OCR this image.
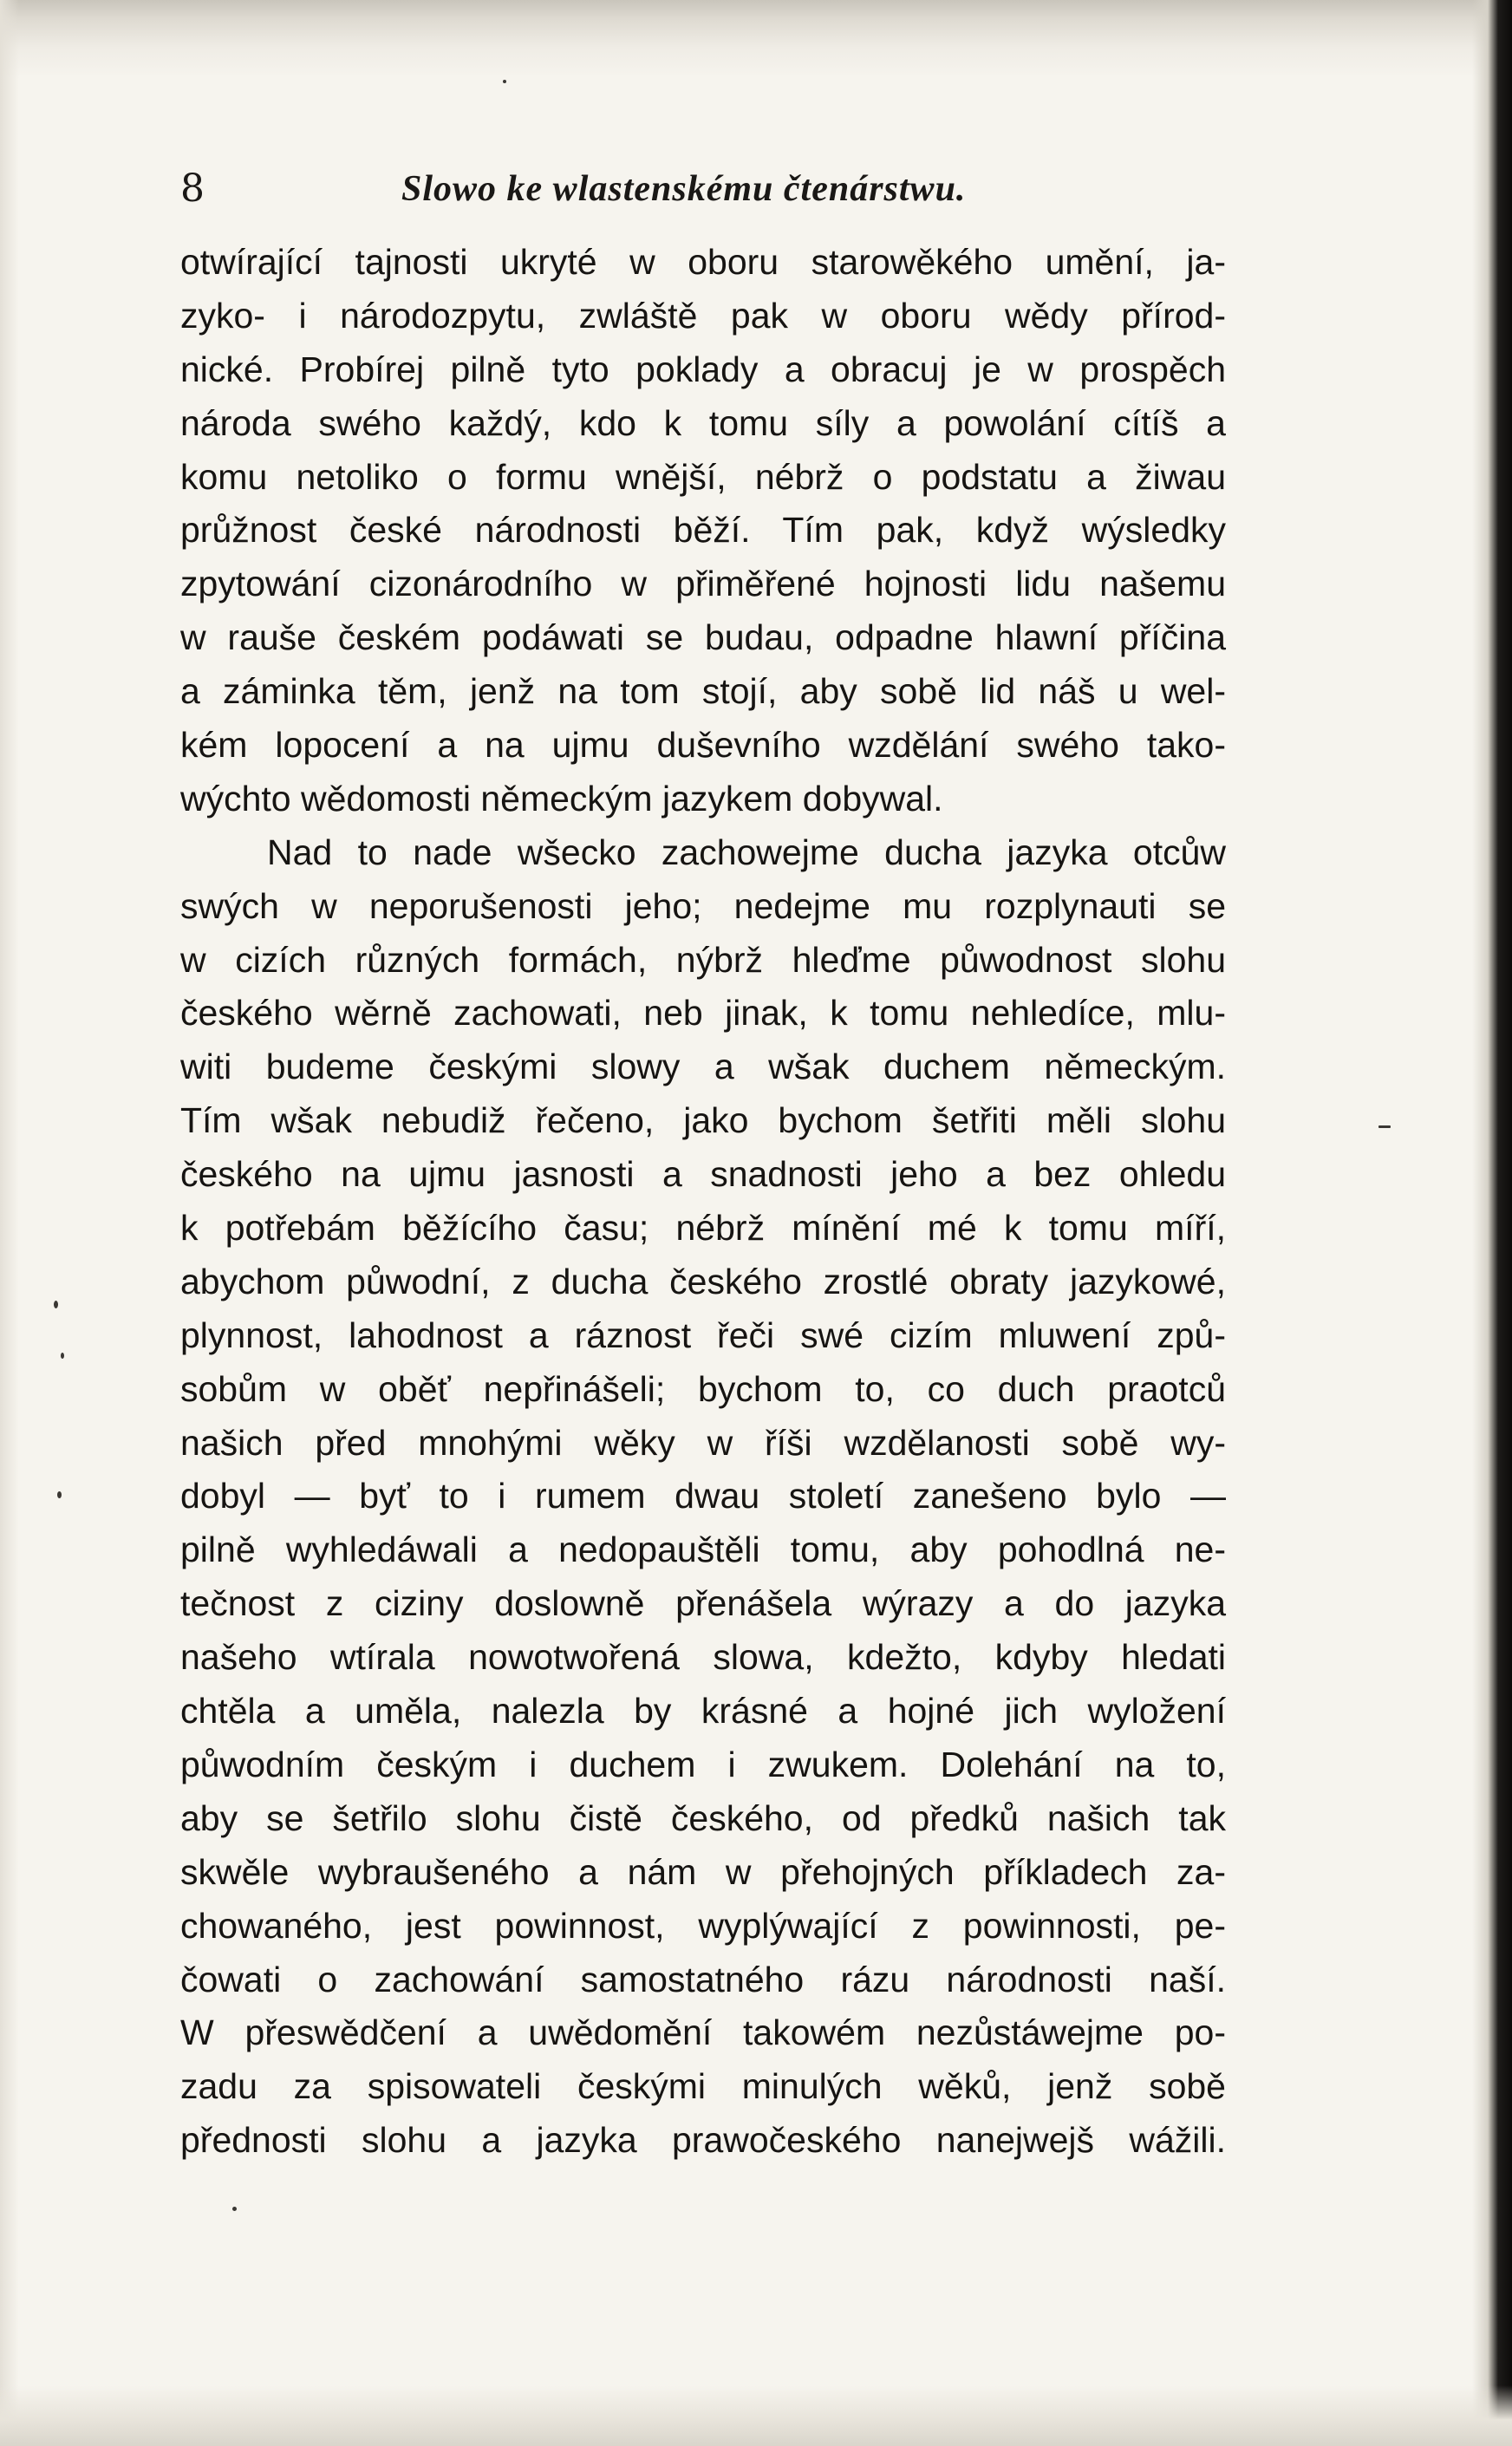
8	Slowo ke wlastenskému čtenárstwu.
otwírající tajnosti ukryté w oboru starowěkého umění, ja-
zyko- i národozpytu, zwláště pak w oboru wědy přírod-
nické. Probírej pilně tyto poklady a obracuj je w prospěch
národa swého každý, kdo k tomu síly a powolání cítíš a
komu netoliko o formu wnější, nébrž o podstatu a žiwau
průžnost české národnosti běží. Tím pak, když wýsledky
zpytowání cizonárodního w přiměřené hojnosti lidu našemu
w rauše českém podáwati se budau, odpadne hlawní příčina
a záminka těm, jenž na tom stojí, aby sobě lid náš u wel-
kém lopocení a na ujmu duševního wzdělání swého tako-
wýchto wědomosti německým jazykem dobywal.
Nad to nade wšecko zachowejme ducha jazyka otcůw
swých w neporušenosti jeho; nedejme mu rozplynauti se
w cizích různých formách, nýbrž hleďme půwodnost slohu
českého wěrně zachowati, neb jinak, k tomu nehledíce, mlu-
witi budeme českými slowy a wšak duchem německým.
Tím wšak nebudiž řečeno, jako bychom šetřiti měli slohu
českého na ujmu jasnosti a snadnosti jeho a bez ohledu
k potřebám běžícího času; nébrž mínění mé k tomu míří,
abychom půwodní, z ducha českého zrostlé obraty jazykowé,
plynnost, lahodnost a ráznost řeči swé cizím mluwení způ-
sobům w oběť nepřinášeli; bychom to, co duch praotců
našich před mnohými wěky w říši wzdělanosti sobě wy-
dobyl — byť to i rumem dwau století zanešeno bylo —
pilně wyhledáwali a nedopauštěli tomu, aby pohodlná ne-
tečnost z ciziny doslowně přenášela wýrazy a do jazyka
našeho wtírala nowotwořená slowa, kdežto, kdyby hledati
chtěla a uměla, nalezla by krásné a hojné jich wyložení
půwodním českým i duchem i zwukem. Dolehání na to,
aby se šetřilo slohu čistě českého, od předků našich tak
skwěle wybraušeného a nám w přehojných příkladech za-
chowaného, jest powinnost, wyplýwající z powinnosti, pe-
čowati o zachowání samostatného rázu národnosti naší.
W přeswědčení a uwědomění takowém nezůstáwejme po-
zadu za spisowateli českými minulých wěků, jenž sobě
přednosti slohu a jazyka prawočeského nanejwejš wážili.
